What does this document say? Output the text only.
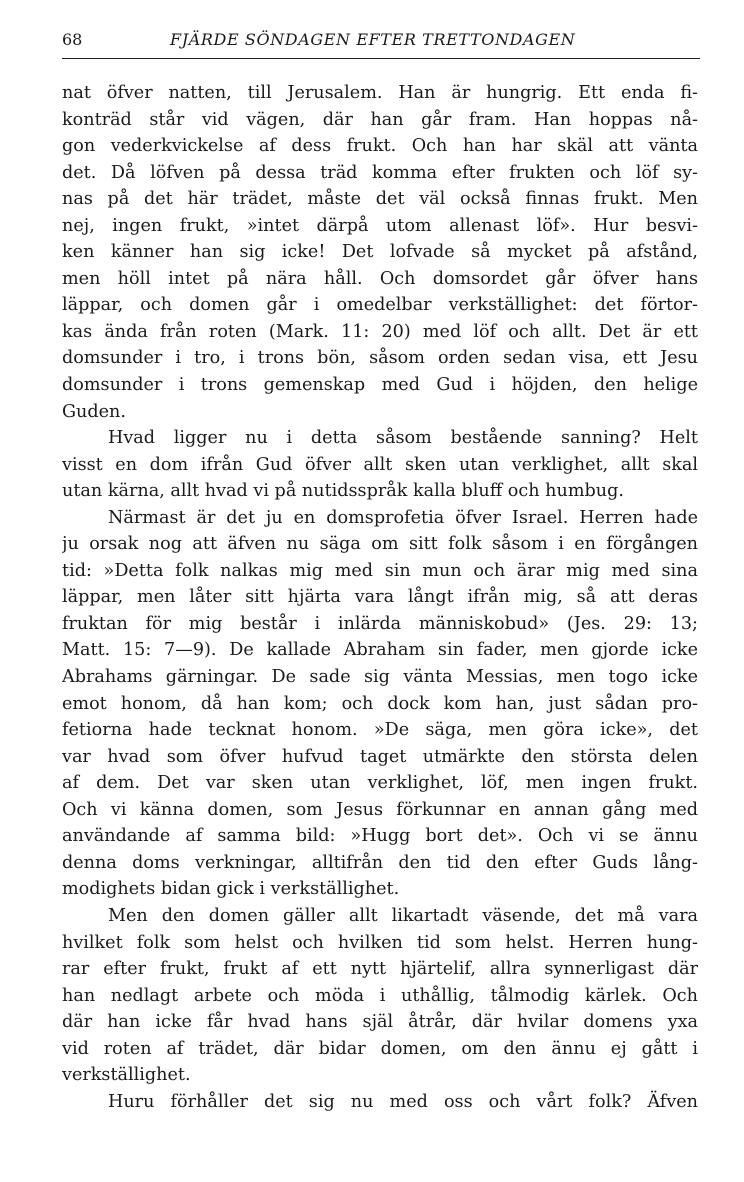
68	FJÄRDE SÖNDAGEN EFTER TRETTONDAGEN
nat öfver natten, till Jerusalem. Han är hungrig. Ett enda fi-
konträd står vid vägen, där han går fram. Han hoppas nå-
gon vederkvickelse af dess frukt. Och han har skäl att vänta
det. Då löfven på dessa träd komma efter frukten och löf sy-
nas på det här trädet, måste det väl också finnas frukt. Men
nej, ingen frukt, »intet därpå utom allenast löf». Hur besvi-
ken känner han sig icke! Det lofvade så mycket på afstånd,
men höll intet på nära håll. Och domsordet går öfver hans
läppar, och domen går i omedelbar verkställighet: det förtor-
kas ända från roten (Mark. 11: 20) med löf och allt. Det är ett
domsunder i tro, i trons bön, såsom orden sedan visa, ett Jesu
domsunder i trons gemenskap med Gud i höjden, den helige
Guden.
Hvad ligger nu i detta såsom bestående sanning? Helt
visst en dom ifrån Gud öfver allt sken utan verklighet, allt skal
utan kärna, allt hvad vi på nutidsspråk kalla bluff och humbug.
Närmast är det ju en domsprofetia öfver Israel. Herren hade
ju orsak nog att äfven nu säga om sitt folk såsom i en förgången
tid: »Detta folk nalkas mig med sin mun och ärar mig med sina
läppar, men låter sitt hjärta vara långt ifrån mig, så att deras
fruktan för mig består i inlärda människobud» (Jes. 29: 13;
Matt. 15: 7—9). De kallade Abraham sin fader, men gjorde icke
Abrahams gärningar. De sade sig vänta Messias, men togo icke
emot honom, då han kom; och dock kom han, just sådan pro-
fetiorna hade tecknat honom. »De säga, men göra icke», det
var hvad som öfver hufvud taget utmärkte den största delen
af dem. Det var sken utan verklighet, löf, men ingen frukt.
Och vi känna domen, som Jesus förkunnar en annan gång med
användande af samma bild: »Hugg bort det». Och vi se ännu
denna doms verkningar, alltifrån den tid den efter Guds lång-
modighets bidan gick i verkställighet.
Men den domen gäller allt likartadt väsende, det må vara
hvilket folk som helst och hvilken tid som helst. Herren hung-
rar efter frukt, frukt af ett nytt hjärtelif, allra synnerligast där
han nedlagt arbete och möda i uthållig, tålmodig kärlek. Och
där han icke får hvad hans själ åtrår, där hvilar domens yxa
vid roten af trädet, där bidar domen, om den ännu ej gått i
verkställighet.
Huru förhåller det sig nu med oss och vårt folk? Äfven
